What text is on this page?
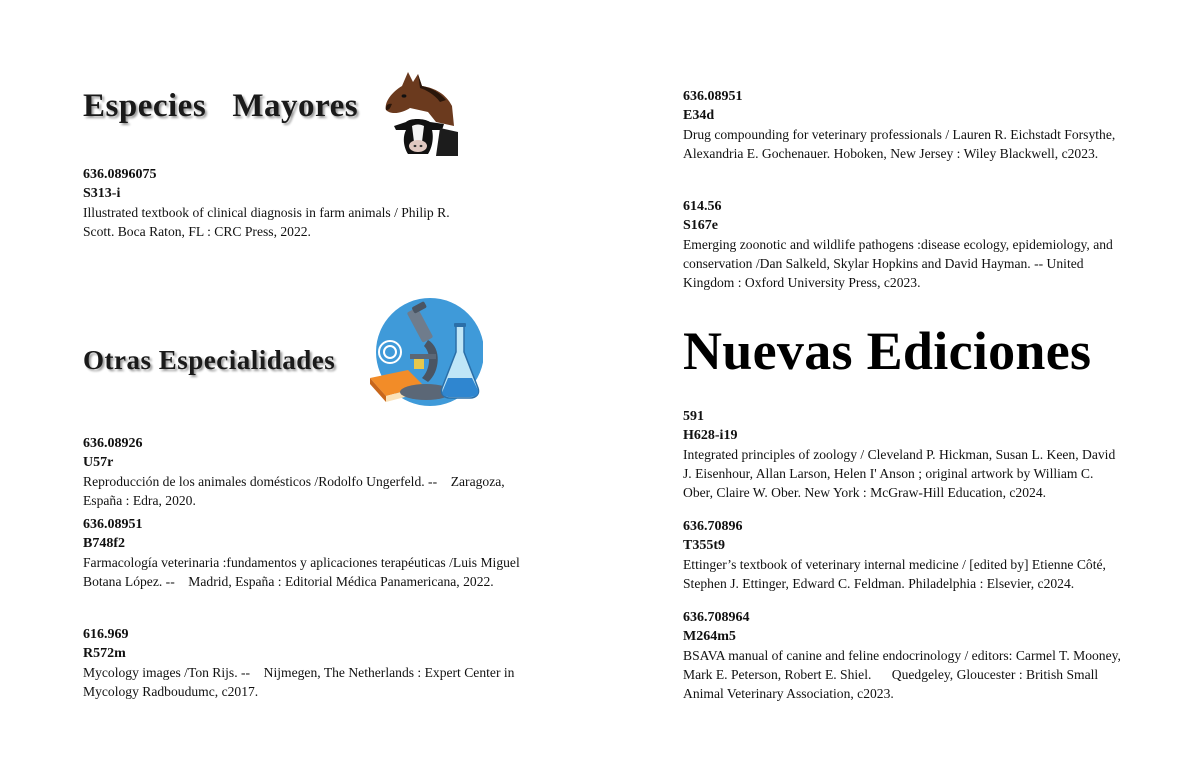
Especies   Mayores
636.0896075
S313-i
Illustrated textbook of clinical diagnosis in farm animals / Philip R. Scott. Boca Raton, FL : CRC Press, 2022.
Otras Especialidades
636.08926
U57r
Reproducción de los animales domésticos /Rodolfo Ungerfeld. --    Zaragoza, España : Edra, 2020.
636.08951
B748f2
Farmacología veterinaria :fundamentos y aplicaciones terapéuticas /Luis Miguel Botana López. --    Madrid, España : Editorial Médica Panamericana, 2022.
616.969
R572m
Mycology images /Ton Rijs. --    Nijmegen, The Netherlands : Expert Center in Mycology Radboudumc, c2017.
636.08951
E34d
Drug compounding for veterinary professionals / Lauren R. Eichstadt Forsythe, Alexandria E. Gochenauer. Hoboken, New Jersey : Wiley Blackwell, c2023.
614.56
S167e
Emerging zoonotic and wildlife pathogens :disease ecology, epidemiology, and conservation /Dan Salkeld, Skylar Hopkins and David Hayman. -- United Kingdom : Oxford University Press, c2023.
Nuevas Ediciones
591
H628-i19
Integrated principles of zoology / Cleveland P. Hickman, Susan L. Keen, David J. Eisenhour, Allan Larson, Helen I' Anson ; original artwork by William C. Ober, Claire W. Ober. New York : McGraw-Hill Education, c2024.
636.70896
T355t9
Ettinger’s textbook of veterinary internal medicine / [edited by] Etienne Côté, Stephen J. Ettinger, Edward C. Feldman. Philadelphia : Elsevier, c2024.
636.708964
M264m5
BSAVA manual of canine and feline endocrinology / editors: Carmel T. Mooney, Mark E. Peterson, Robert E. Shiel.      Quedgeley, Gloucester : British Small Animal Veterinary Association, c2023.
